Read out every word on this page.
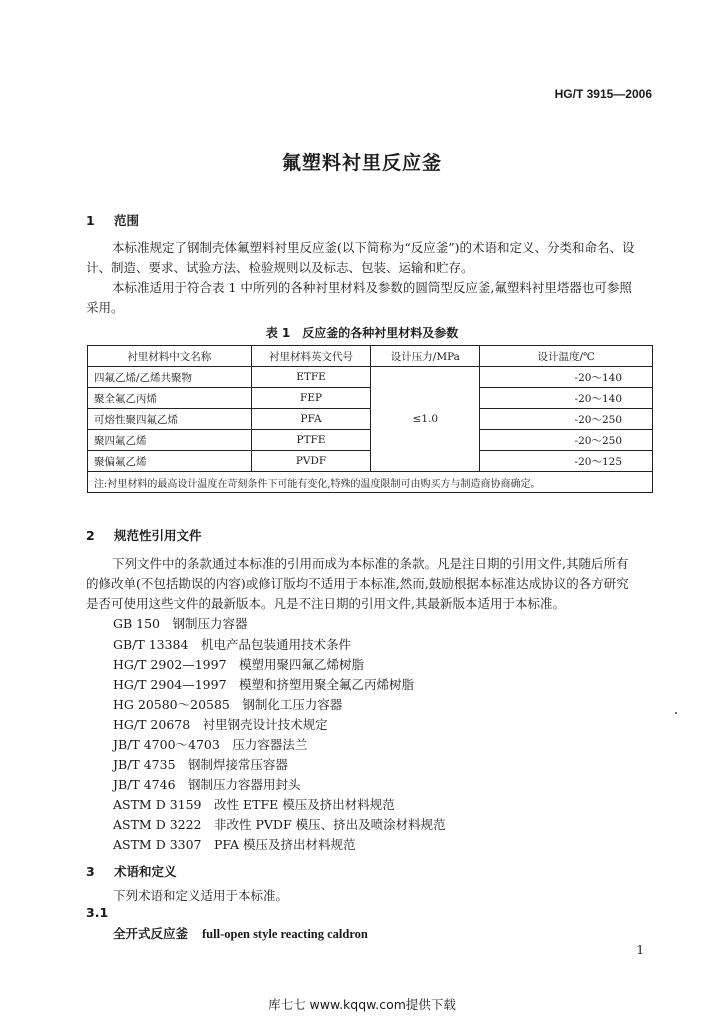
HG/T 3915—2006
氟塑料衬里反应釜
1 范围
本标准规定了钢制壳体氟塑料衬里反应釜(以下简称为“反应釜”)的术语和定义、分类和命名、设
计、制造、要求、试验方法、检验规则以及标志、包装、运输和贮存。
本标准适用于符合表 1 中所列的各种衬里材料及参数的圆筒型反应釜,氟塑料衬里塔器也可参照
采用。
表 1　反应釜的各种衬里材料及参数
衬里材料中文名称	衬里材料英文代号	设计压力/MPa	设计温度/℃
四氟乙烯/乙烯共聚物	ETFE	≤1.0	-20～140
聚全氟乙丙烯	FEP		-20～140
可熔性聚四氟乙烯	PFA		-20～250
聚四氟乙烯	PTFE		-20～250
聚偏氟乙烯	PVDF		-20～125
注:衬里材料的最高设计温度在苛刻条件下可能有变化,特殊的温度限制可由购买方与制造商协商确定。			
2 规范性引用文件
下列文件中的条款通过本标准的引用而成为本标准的条款。凡是注日期的引用文件,其随后所有
的修改单(不包括勘误的内容)或修订版均不适用于本标准,然而,鼓励根据本标准达成协议的各方研究
是否可使用这些文件的最新版本。凡是不注日期的引用文件,其最新版本适用于本标准。
GB 150　钢制压力容器
GB/T 13384　机电产品包装通用技术条件
HG/T 2902—1997　模塑用聚四氟乙烯树脂
HG/T 2904—1997　模塑和挤塑用聚全氟乙丙烯树脂
HG 20580～20585　钢制化工压力容器
HG/T 20678　衬里钢壳设计技术规定
JB/T 4700～4703　压力容器法兰
JB/T 4735　钢制焊接常压容器
JB/T 4746　钢制压力容器用封头
ASTM D 3159　改性 ETFE 模压及挤出材料规范
ASTM D 3222　非改性 PVDF 模压、挤出及喷涂材料规范
ASTM D 3307　PFA 模压及挤出材料规范
3 术语和定义
下列术语和定义适用于本标准。
3.1
全开式反应釜 full-open style reacting caldron
1
库七七 www.kqqw.com提供下载
